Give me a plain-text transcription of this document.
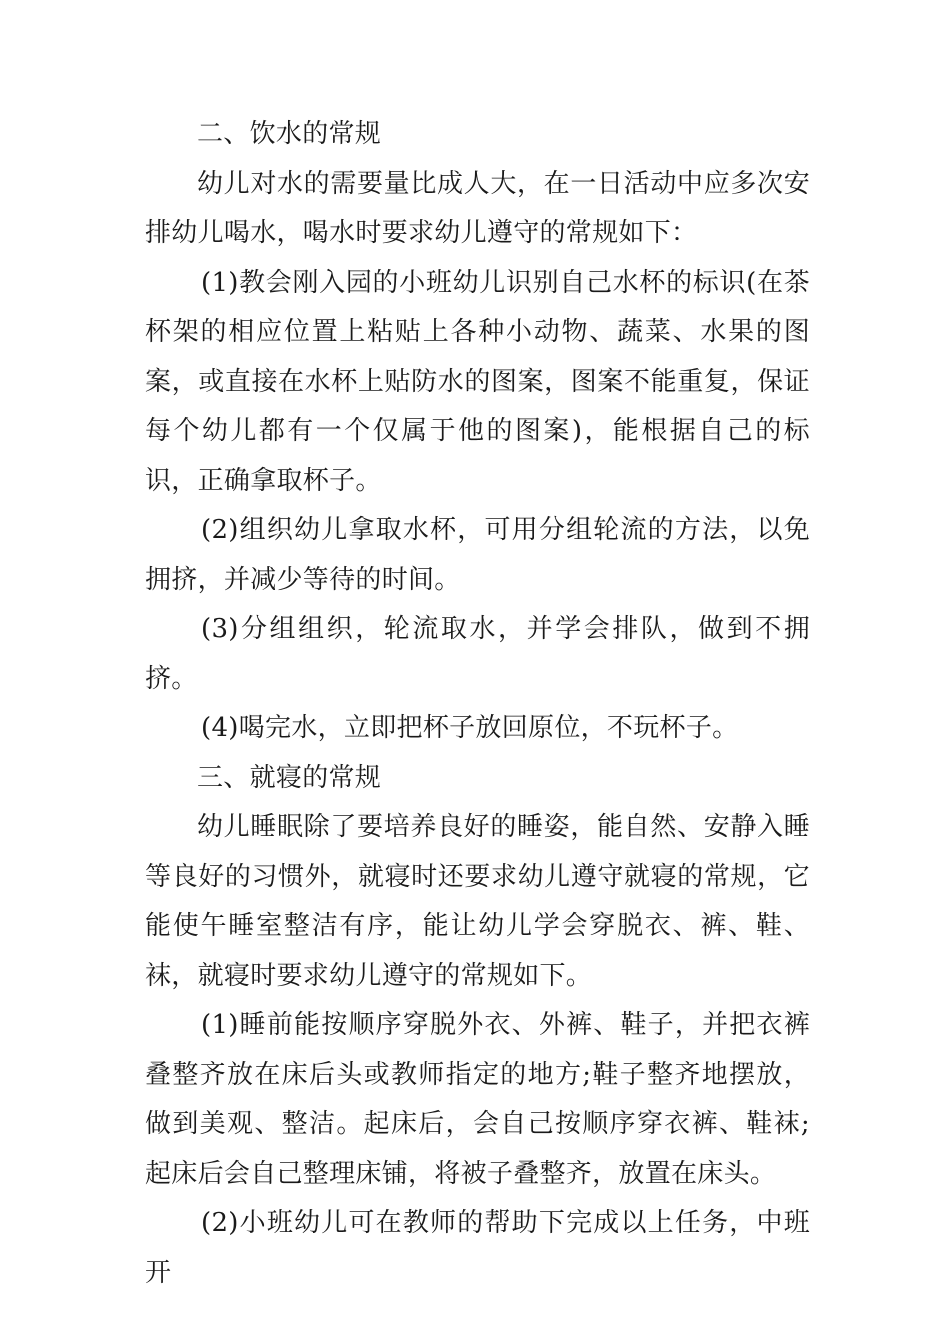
二、饮水的常规

幼儿对水的需要量比成人大，在一日活动中应多次安排幼儿喝水，喝水时要求幼儿遵守的常规如下：

(1)教会刚入园的小班幼儿识别自己水杯的标识(在茶杯架的相应位置上粘贴上各种小动物、蔬菜、水果的图案，或直接在水杯上贴防水的图案，图案不能重复，保证每个幼儿都有一个仅属于他的图案)，能根据自己的标识，正确拿取杯子。

(2)组织幼儿拿取水杯，可用分组轮流的方法，以免拥挤，并减少等待的时间。

(3)分组组织，轮流取水，并学会排队，做到不拥挤。

(4)喝完水，立即把杯子放回原位，不玩杯子。

三、就寝的常规

幼儿睡眠除了要培养良好的睡姿，能自然、安静入睡等良好的习惯外，就寝时还要求幼儿遵守就寝的常规，它能使午睡室整洁有序，能让幼儿学会穿脱衣、裤、鞋、袜，就寝时要求幼儿遵守的常规如下。

(1)睡前能按顺序穿脱外衣、外裤、鞋子，并把衣裤叠整齐放在床后头或教师指定的地方;鞋子整齐地摆放，做到美观、整洁。起床后，会自己按顺序穿衣裤、鞋袜;起床后会自己整理床铺，将被子叠整齐，放置在床头。

(2)小班幼儿可在教师的帮助下完成以上任务，中班开
